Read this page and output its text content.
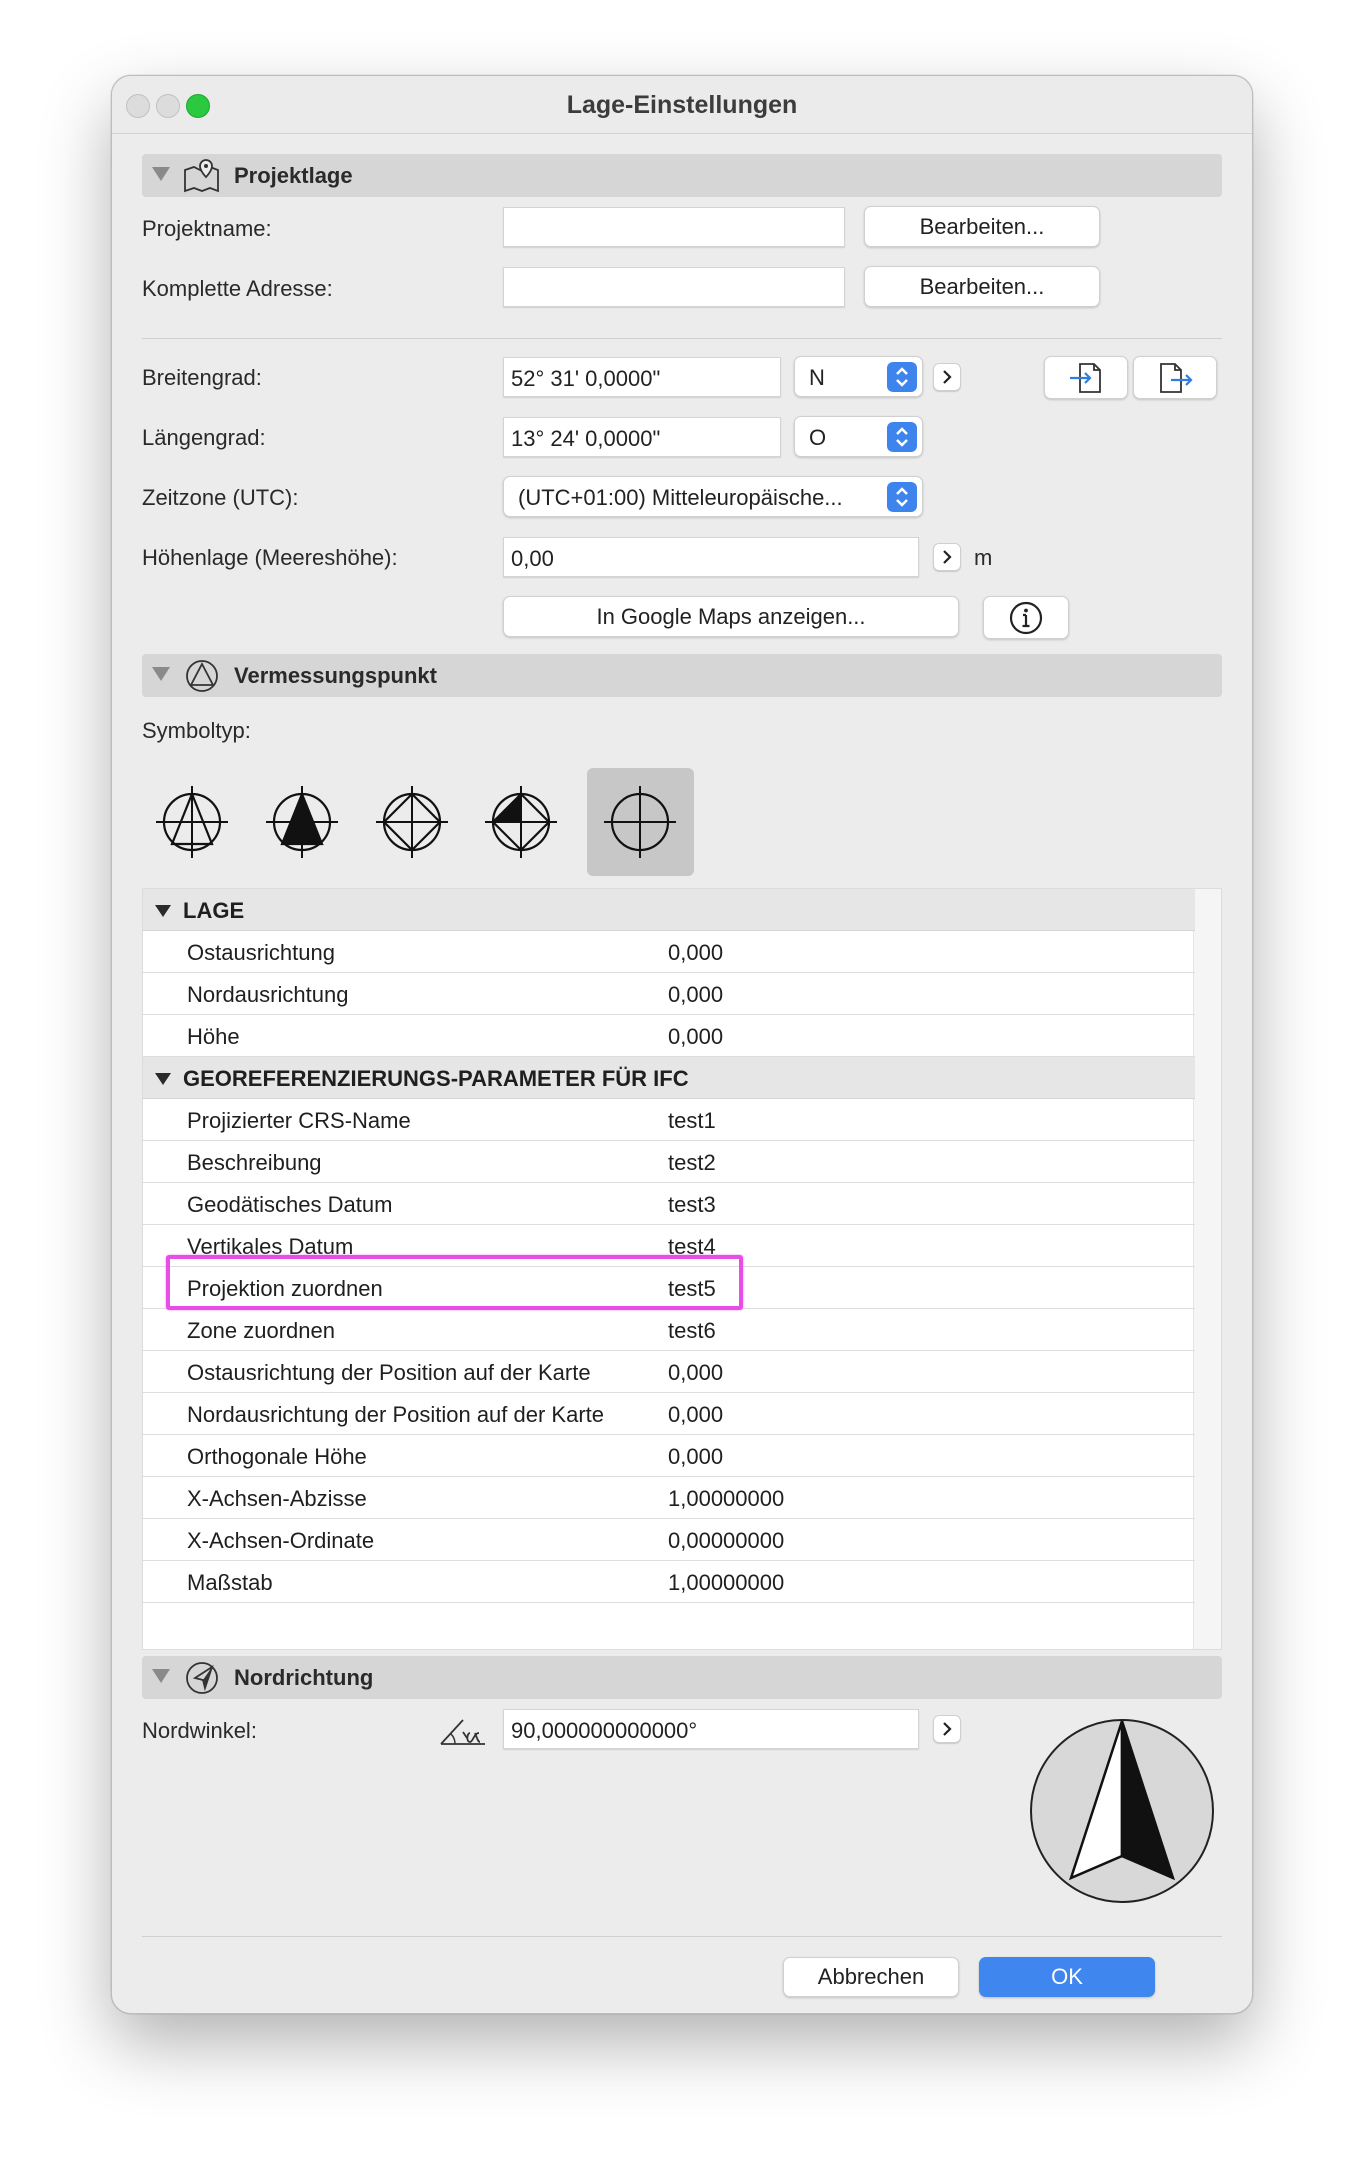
Lage-Einstellungen
Projektlage
Projektname:	Bearbeiten...
Komplette Adresse:	Bearbeiten...
Breitengrad:	52° 31' 0,0000"	N
Längengrad:	13° 24' 0,0000"	O
Zeitzone (UTC):	(UTC+01:00) Mitteleuropäische...
Höhenlage (Meereshöhe):	0,00	m
In Google Maps anzeigen...
Vermessungspunkt
Symboltyp:
LAGE
Ostausrichtung	0,000
Nordausrichtung	0,000
Höhe	0,000
GEOREFERENZIERUNGS-PARAMETER FÜR IFC
Projizierter CRS-Name	test1
Beschreibung	test2
Geodätisches Datum	test3
Vertikales Datum	test4
Projektion zuordnen	test5
Zone zuordnen	test6
Ostausrichtung der Position auf der Karte	0,000
Nordausrichtung der Position auf der Karte	0,000
Orthogonale Höhe	0,000
X-Achsen-Abzisse	1,00000000
X-Achsen-Ordinate	0,00000000
Maßstab	1,00000000
Nordrichtung
Nordwinkel:	90,000000000000°
Abbrechen	OK
